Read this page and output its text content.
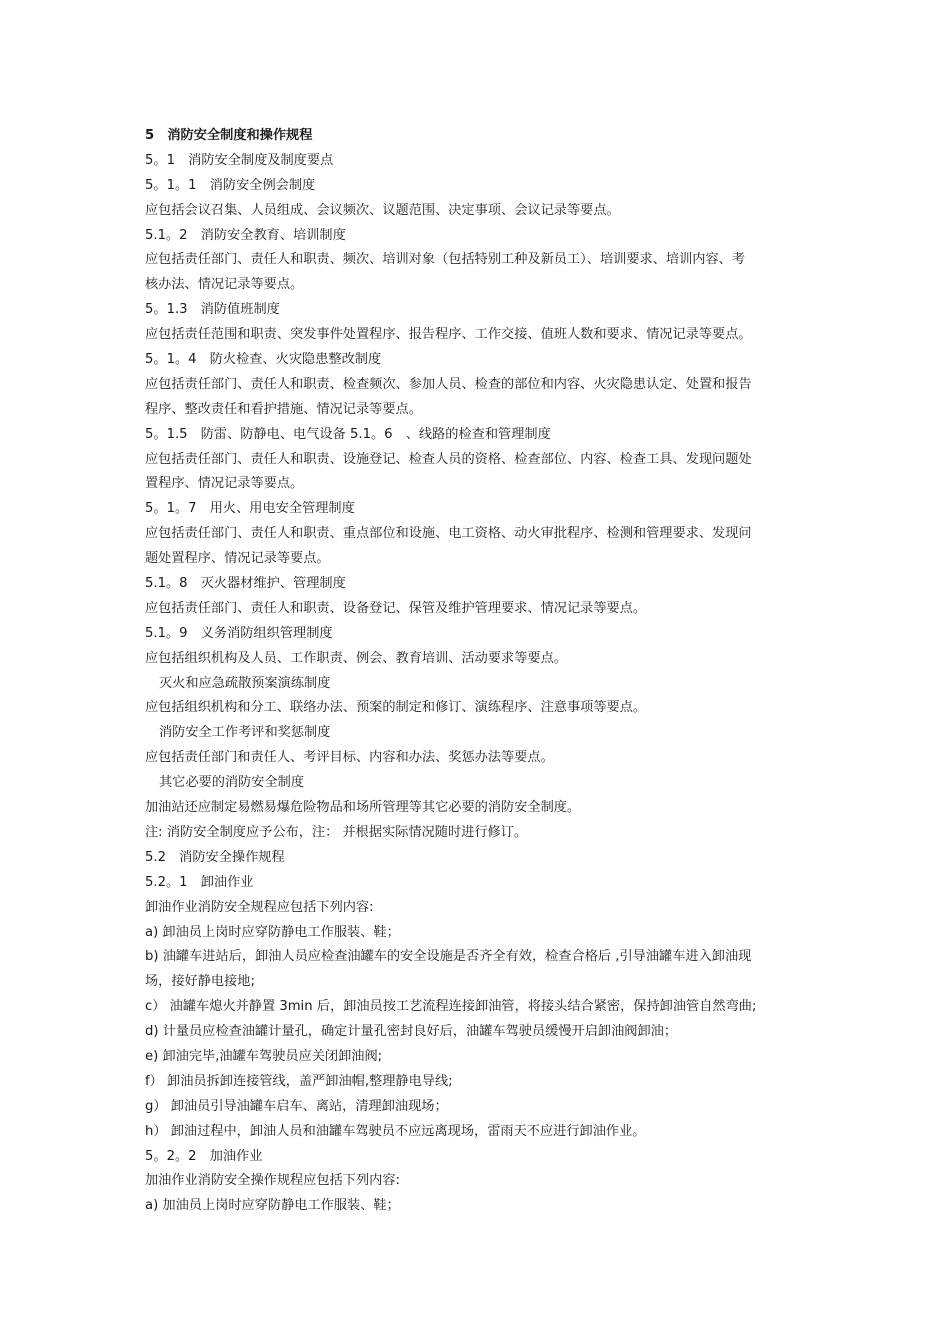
5　消防安全制度和操作规程
5。1　消防安全制度及制度要点
5。1。1　消防安全例会制度
应包括会议召集、人员组成、会议频次、议题范围、决定事项、会议记录等要点。
5.1。2　消防安全教育、培训制度
应包括责任部门、责任人和职责、频次、培训对象（包括特别工种及新员工）、培训要求、培训内容、考
核办法、情况记录等要点。
5。1.3　消防值班制度
应包括责任范围和职责、突发事件处置程序、报告程序、工作交接、值班人数和要求、情况记录等要点。
5。1。4　防火检查、火灾隐患整改制度
应包括责任部门、责任人和职责、检查频次、参加人员、检查的部位和内容、火灾隐患认定、处置和报告
程序、整改责任和看护措施、情况记录等要点。
5。1.5　防雷、防静电、电气设备 5.1。6　、线路的检查和管理制度
应包括责任部门、责任人和职责、设施登记、检查人员的资格、检查部位、内容、检查工具、发现问题处
置程序、情况记录等要点。
5。1。7　用火、用电安全管理制度
应包括责任部门、责任人和职责、重点部位和设施、电工资格、动火审批程序、检测和管理要求、发现问
题处置程序、情况记录等要点。
5.1。8　灭火器材维护、管理制度
应包括责任部门、责任人和职责、设备登记、保管及维护管理要求、情况记录等要点。
5.1。9　义务消防组织管理制度
应包括组织机构及人员、工作职责、例会、教育培训、活动要求等要点。
灭火和应急疏散预案演练制度
应包括组织机构和分工、联络办法、预案的制定和修订、演练程序、注意事项等要点。
消防安全工作考评和奖惩制度
应包括责任部门和责任人、考评目标、内容和办法、奖惩办法等要点。
其它必要的消防安全制度
加油站还应制定易燃易爆危险物品和场所管理等其它必要的消防安全制度。
注: 消防安全制度应予公布，注： 并根据实际情况随时进行修订。
5.2　消防安全操作规程
5.2。1　卸油作业
卸油作业消防安全规程应包括下列内容:
a) 卸油员上岗时应穿防静电工作服装、鞋；
b) 油罐车进站后，卸油人员应检查油罐车的安全设施是否齐全有效，检查合格后 ,引导油罐车进入卸油现
场，接好静电接地;
c） 油罐车熄火并静置 3min 后，卸油员按工艺流程连接卸油管，将接头结合紧密，保持卸油管自然弯曲;
d) 计量员应检查油罐计量孔，确定计量孔密封良好后，油罐车驾驶员缓慢开启卸油阀卸油；
e) 卸油完毕,油罐车驾驶员应关闭卸油阀;
f） 卸油员拆卸连接管线，盖严卸油帽,整理静电导线;
g） 卸油员引导油罐车启车、离站，清理卸油现场；
h） 卸油过程中，卸油人员和油罐车驾驶员不应远离现场，雷雨天不应进行卸油作业。
5。2。2　加油作业
加油作业消防安全操作规程应包括下列内容:
a) 加油员上岗时应穿防静电工作服装、鞋；
